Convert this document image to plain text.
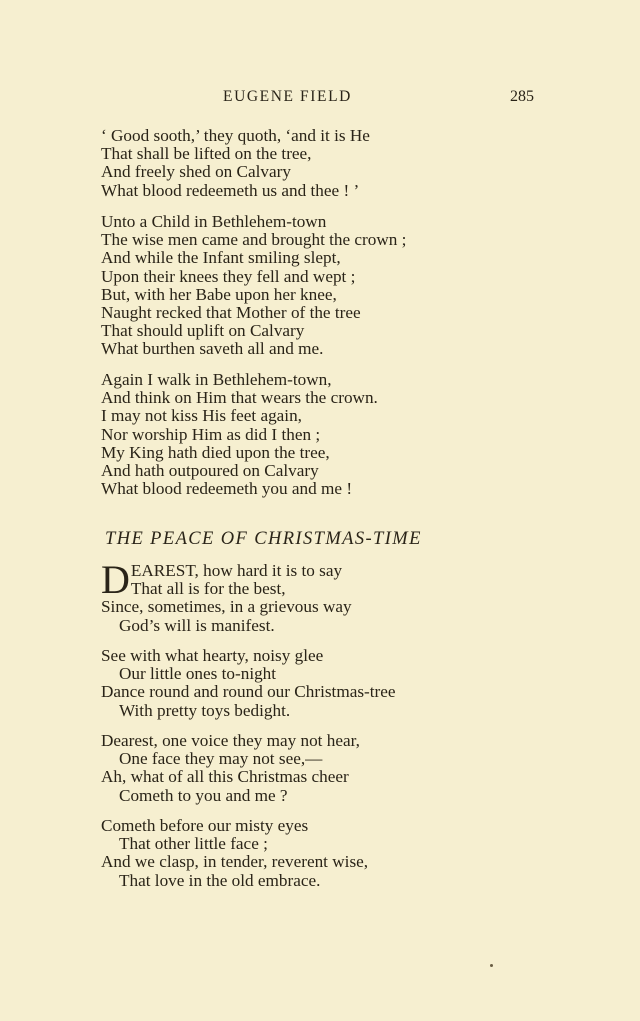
EUGENE FIELD	285
‘ Good sooth,’ they quoth, ‘and it is He
That shall be lifted on the tree,
And freely shed on Calvary
What blood redeemeth us and thee ! ’
Unto a Child in Bethlehem-town
The wise men came and brought the crown ;
And while the Infant smiling slept,
Upon their knees they fell and wept ;
But, with her Babe upon her knee,
Naught recked that Mother of the tree
That should uplift on Calvary
What burthen saveth all and me.
Again I walk in Bethlehem-town,
And think on Him that wears the crown.
I may not kiss His feet again,
Nor worship Him as did I then ;
My King hath died upon the tree,
And hath outpoured on Calvary
What blood redeemeth you and me !
THE PEACE OF CHRISTMAS-TIME
D EAREST, how hard it is to say
That all is for the best,
Since, sometimes, in a grievous way
God’s will is manifest.
See with what hearty, noisy glee
Our little ones to-night
Dance round and round our Christmas-tree
With pretty toys bedight.
Dearest, one voice they may not hear,
One face they may not see,—
Ah, what of all this Christmas cheer
Cometh to you and me ?
Cometh before our misty eyes
That other little face ;
And we clasp, in tender, reverent wise,
That love in the old embrace.
